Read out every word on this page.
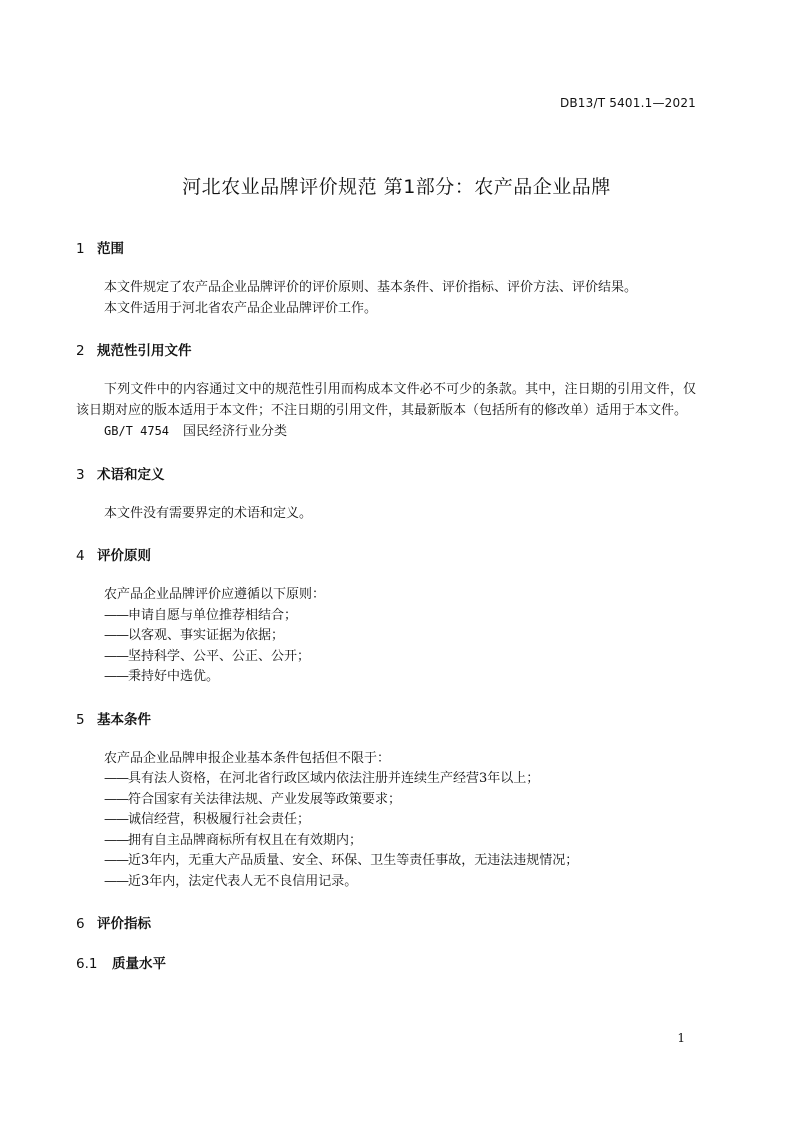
DB13/T 5401.1—2021
河北农业品牌评价规范 第1部分：农产品企业品牌

1 范围

本文件规定了农产品企业品牌评价的评价原则、基本条件、评价指标、评价方法、评价结果。

本文件适用于河北省农产品企业品牌评价工作。

2 规范性引用文件

下列文件中的内容通过文中的规范性引用而构成本文件必不可少的条款。其中，注日期的引用文件，仅该日期对应的版本适用于本文件；不注日期的引用文件，其最新版本（包括所有的修改单）适用于本文件。

GB/T 4754 国民经济行业分类

3 术语和定义

本文件没有需要界定的术语和定义。

4 评价原则

农产品企业品牌评价应遵循以下原则：

——申请自愿与单位推荐相结合；

——以客观、事实证据为依据；

——坚持科学、公平、公正、公开；

——秉持好中选优。

5 基本条件

农产品企业品牌申报企业基本条件包括但不限于：

——具有法人资格，在河北省行政区域内依法注册并连续生产经营3年以上；

——符合国家有关法律法规、产业发展等政策要求；

——诚信经营，积极履行社会责任；

——拥有自主品牌商标所有权且在有效期内；

——近3年内，无重大产品质量、安全、环保、卫生等责任事故，无违法违规情况；

——近3年内，法定代表人无不良信用记录。

6 评价指标

6.1 质量水平

1
